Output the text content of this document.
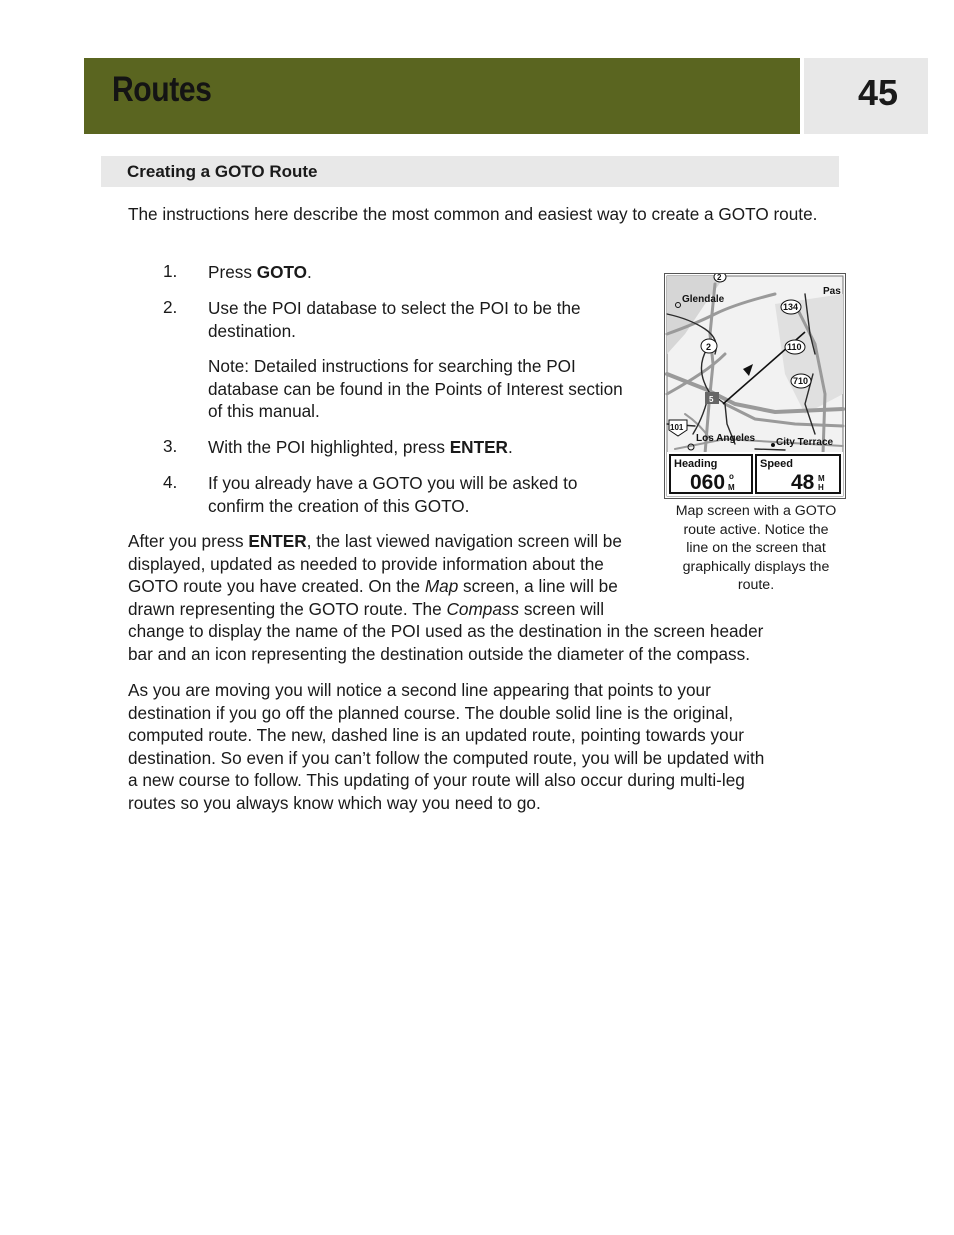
Routes	45
Creating a GOTO Route

The instructions here describe the most common and easiest way to create a GOTO route.

1. Press GOTO.

2. Use the POI database to select the POI to be the
destination.

Note: Detailed instructions for searching the POI
database can be found in the Points of Interest section
of this manual.

3. With the POI highlighted, press ENTER.

4. If you already have a GOTO you will be asked to
confirm the creation of this GOTO.

After you press ENTER, the last viewed navigation screen will be
displayed, updated as needed to provide information about the
GOTO route you have created. On the Map screen, a line will be
drawn representing the GOTO route. The Compass screen will
change to display the name of the POI used as the destination in the screen header
bar and an icon representing the destination outside the diameter of the compass.

As you are moving you will notice a second line appearing that points to your
destination if you go off the planned course. The double solid line is the original,
computed route. The new, dashed line is an updated route, pointing towards your
destination. So even if you can’t follow the computed route, you will be updated with
a new course to follow. This updating of your route will also occur during multi-leg
routes so you always know which way you need to go.

Glendale
Pas
2
134
2	110
710
5
101
Los Angeles City Terrace
Heading
060 o
M
Speed
48 M
H
Map screen with a GOTO
route active. Notice the
line on the screen that
graphically displays the
route.
